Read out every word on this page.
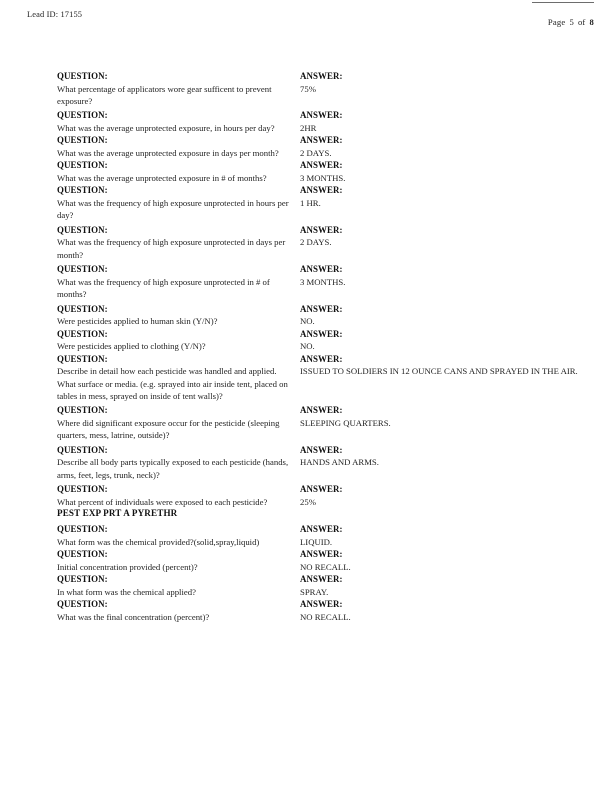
Lead ID: 17155
Page 5 of 8
QUESTION:
What percentage of applicators wore gear sufficent to prevent exposure?
ANSWER:
75%
QUESTION:
What was the average unprotected exposure, in hours per day?
ANSWER:
2HR
QUESTION:
What was the average unprotected exposure in days per month?
ANSWER:
2 DAYS.
QUESTION:
What was the average unprotected exposure in # of months?
ANSWER:
3 MONTHS.
QUESTION:
What was the frequency of high exposure unprotected in hours per day?
ANSWER:
1 HR.
QUESTION:
What was the frequency of high exposure unprotected in days per month?
ANSWER:
2 DAYS.
QUESTION:
What was the frequency of high exposure unprotected in # of months?
ANSWER:
3 MONTHS.
QUESTION:
Were pesticides applied to human skin (Y/N)?
ANSWER:
NO.
QUESTION:
Were pesticides applied to clothing (Y/N)?
ANSWER:
NO.
QUESTION:
Describe in detail how each pesticide was handled and applied. What surface or media. (e.g. sprayed into air inside tent, placed on tables in mess, sprayed on inside of tent walls)?
ANSWER:
ISSUED TO SOLDIERS IN 12 OUNCE CANS AND SPRAYED IN THE AIR.
QUESTION:
Where did significant exposure occur for the pesticide (sleeping quarters, mess, latrine, outside)?
ANSWER:
SLEEPING QUARTERS.
QUESTION:
Describe all body parts typically exposed to each pesticide (hands, arms, feet, legs, trunk, neck)?
ANSWER:
HANDS AND ARMS.
QUESTION:
What percent of individuals were exposed to each pesticide?
ANSWER:
25%
PEST EXP PRT A PYRETHR
QUESTION:
What form was the chemical provided?(solid,spray,liquid)
ANSWER:
LIQUID.
QUESTION:
Initial concentration provided (percent)?
ANSWER:
NO RECALL.
QUESTION:
In what form was the chemical applied?
ANSWER:
SPRAY.
QUESTION:
What was the final concentration (percent)?
ANSWER:
NO RECALL.
